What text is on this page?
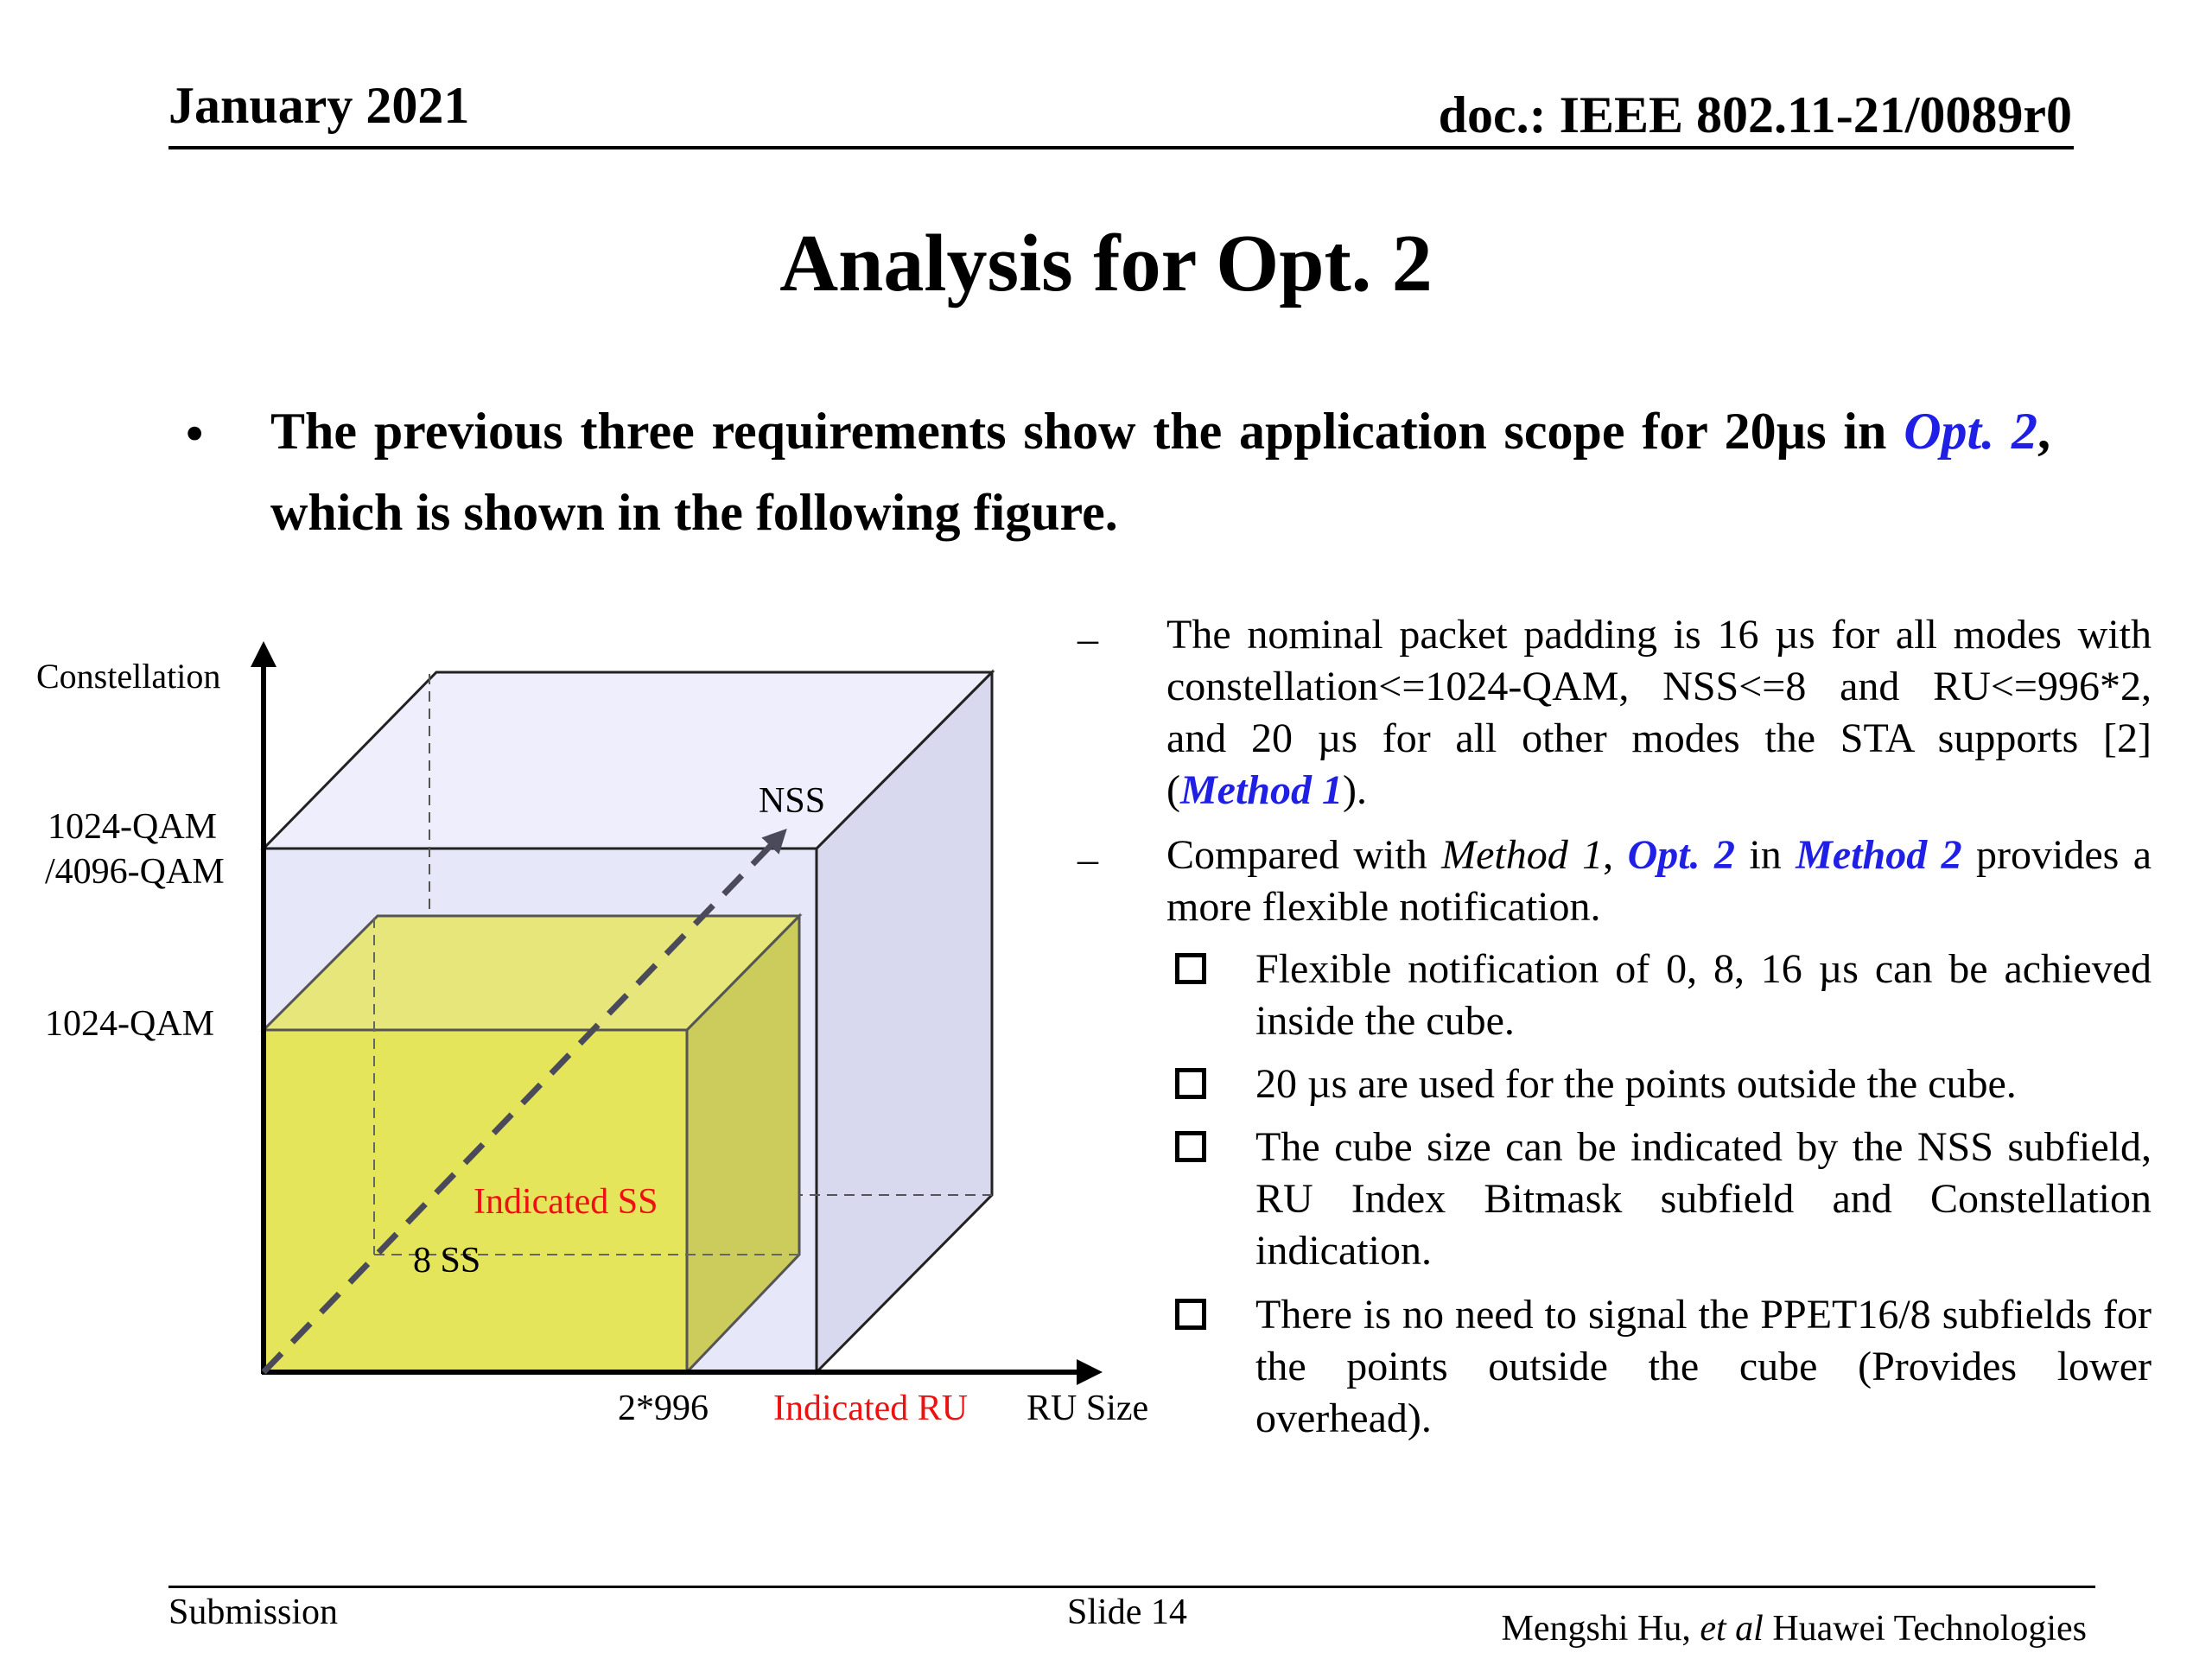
January 2021	doc.: IEEE 802.11-21/0089r0
Analysis for Opt. 2
• The previous three requirements show the application scope for 20µs in Opt. 2, which is shown in the following figure.
Constellation
1024-QAM
/4096-QAM
1024-QAM
NSS
Indicated SS
8 SS
2*996 Indicated RU RU Size
– The nominal packet padding is 16 µs for all modes with constellation<=1024-QAM, NSS<=8 and RU<=996*2, and 20 µs for all other modes the STA supports [2] (Method 1).
– Compared with Method 1, Opt. 2 in Method 2 provides a more flexible notification.
Flexible notification of 0, 8, 16 µs can be achieved inside the cube.
20 µs are used for the points outside the cube.
The cube size can be indicated by the NSS subfield, RU Index Bitmask subfield and Constellation indication.
There is no need to signal the PPET16/8 subfields for the points outside the cube (Provides lower overhead).
Submission	Slide 14	Mengshi Hu, et al Huawei Technologies
